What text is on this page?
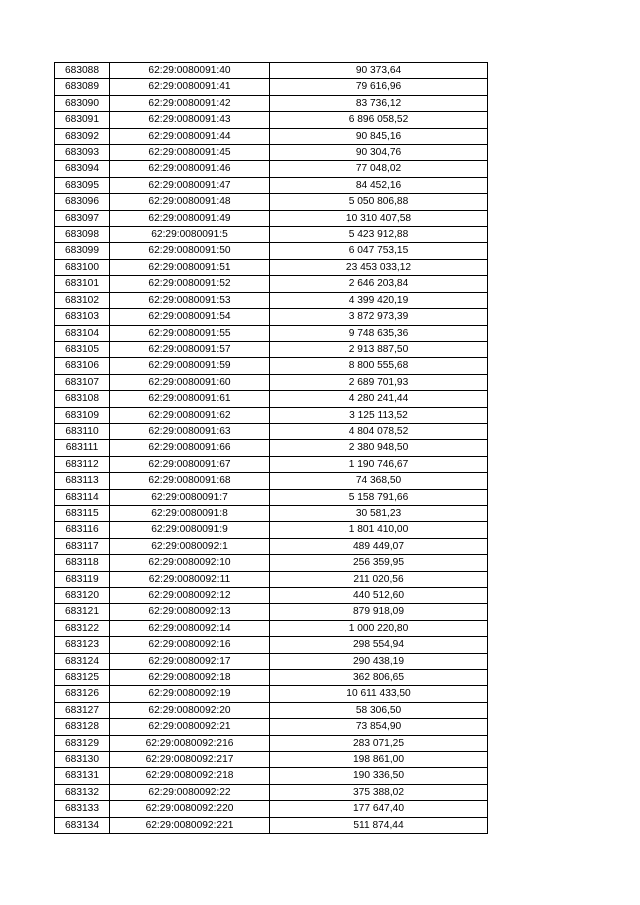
683088	62:29:0080091:40	90 373,64
683089	62:29:0080091:41	79 616,96
683090	62:29:0080091:42	83 736,12
683091	62:29:0080091:43	6 896 058,52
683092	62:29:0080091:44	90 845,16
683093	62:29:0080091:45	90 304,76
683094	62:29:0080091:46	77 048,02
683095	62:29:0080091:47	84 452,16
683096	62:29:0080091:48	5 050 806,88
683097	62:29:0080091:49	10 310 407,58
683098	62:29:0080091:5	5 423 912,88
683099	62:29:0080091:50	6 047 753,15
683100	62:29:0080091:51	23 453 033,12
683101	62:29:0080091:52	2 646 203,84
683102	62:29:0080091:53	4 399 420,19
683103	62:29:0080091:54	3 872 973,39
683104	62:29:0080091:55	9 748 635,36
683105	62:29:0080091:57	2 913 887,50
683106	62:29:0080091:59	8 800 555,68
683107	62:29:0080091:60	2 689 701,93
683108	62:29:0080091:61	4 280 241,44
683109	62:29:0080091:62	3 125 113,52
683110	62:29:0080091:63	4 804 078,52
683111	62:29:0080091:66	2 380 948,50
683112	62:29:0080091:67	1 190 746,67
683113	62:29:0080091:68	74 368,50
683114	62:29:0080091:7	5 158 791,66
683115	62:29:0080091:8	30 581,23
683116	62:29:0080091:9	1 801 410,00
683117	62:29:0080092:1	489 449,07
683118	62:29:0080092:10	256 359,95
683119	62:29:0080092:11	211 020,56
683120	62:29:0080092:12	440 512,60
683121	62:29:0080092:13	879 918,09
683122	62:29:0080092:14	1 000 220,80
683123	62:29:0080092:16	298 554,94
683124	62:29:0080092:17	290 438,19
683125	62:29:0080092:18	362 806,65
683126	62:29:0080092:19	10 611 433,50
683127	62:29:0080092:20	58 306,50
683128	62:29:0080092:21	73 854,90
683129	62:29:0080092:216	283 071,25
683130	62:29:0080092:217	198 861,00
683131	62:29:0080092:218	190 336,50
683132	62:29:0080092:22	375 388,02
683133	62:29:0080092:220	177 647,40
683134	62:29:0080092:221	511 874,44
